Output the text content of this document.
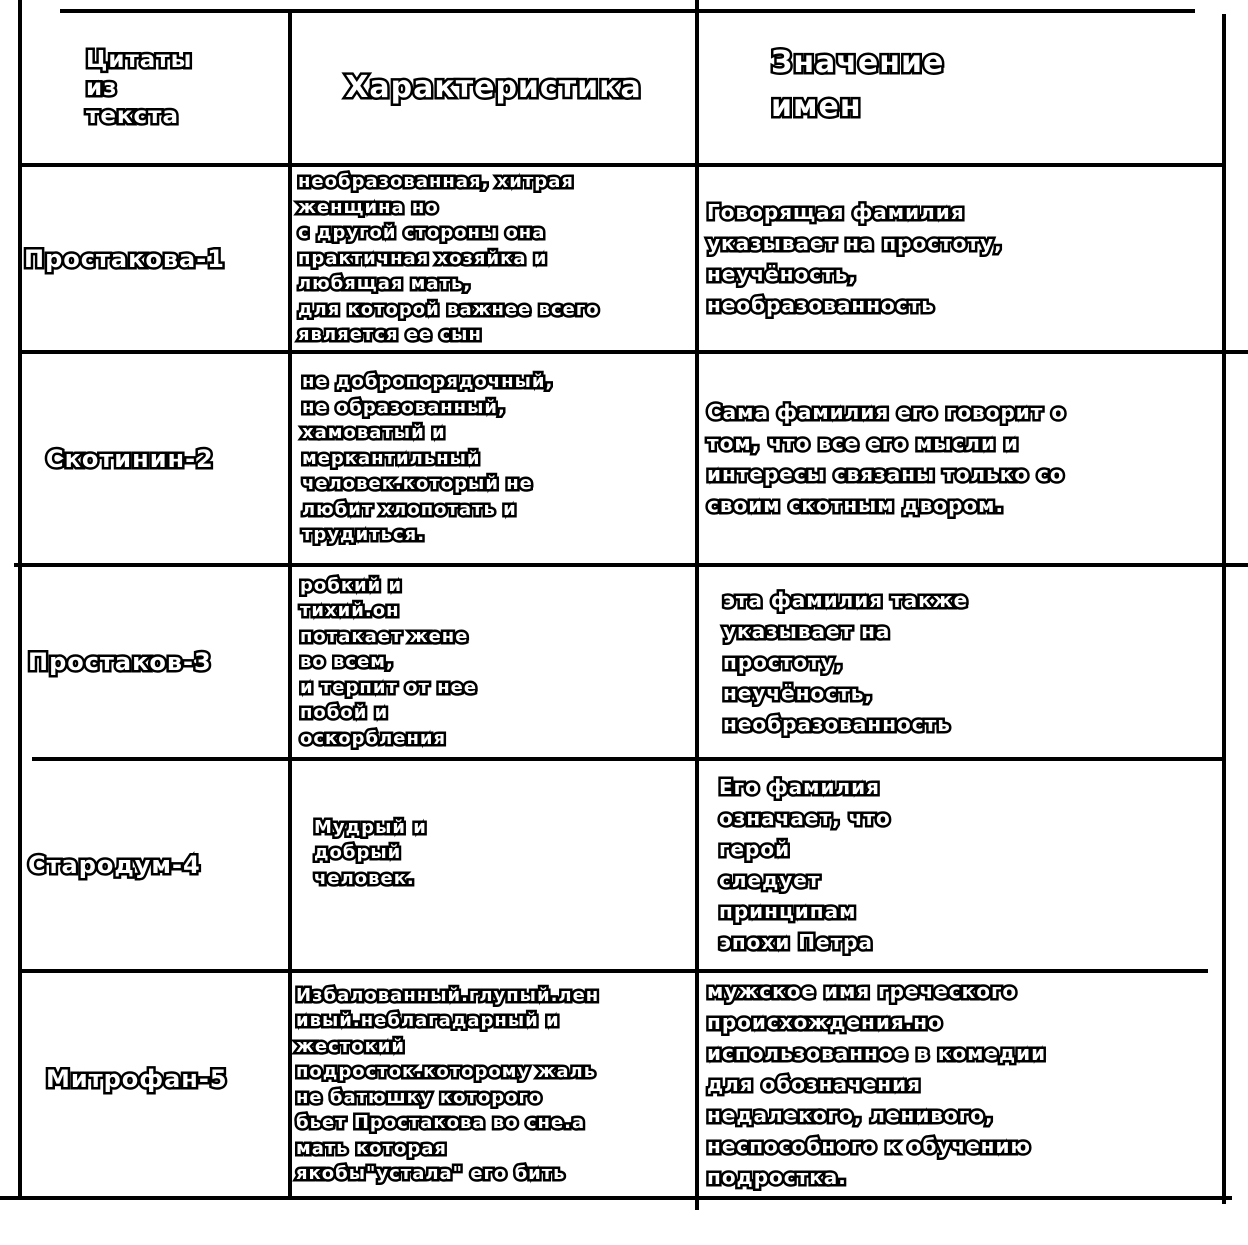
Цитаты
из
текста
Характеристика
Значение
имен
Простакова-1
необразованная, хитрая
женщина но
с другой стороны она
практичная хозяйка и
любящая мать,
для которой важнее всего
является ее сын
Говорящая фамилия
указывает на простоту,
неучёность,
необразованность
Скотинин-2
не добропорядочный,
не образованный,
хамоватый и
меркантильный
человек.который не
любит хлопотать и
трудиться.
Сама фамилия его говорит о
том, что все его мысли и
интересы связаны только со
своим скотным двором.
Простаков-3
робкий и
тихий.он
потакает жене
во всем,
и терпит от нее
побой и
оскорбления
эта фамилия также
указывает на
простоту,
неучёность,
необразованность
Стародум-4
Мудрый и
добрый
человек.
Его фамилия
означает, что
герой
следует
принципам
эпохи Петра
Митрофан-5
Избалованный.глупый.лен
ивый.неблагадарный и
жестокий
подросток.которому жаль
не батюшку которого
бьет Простакова во сне.а
мать которая
якобы"устала" его бить
мужское имя греческого
происхождения.но
использованное в комедии
для обозначения
недалекого, ленивого,
неспособного к обучению
подростка.
